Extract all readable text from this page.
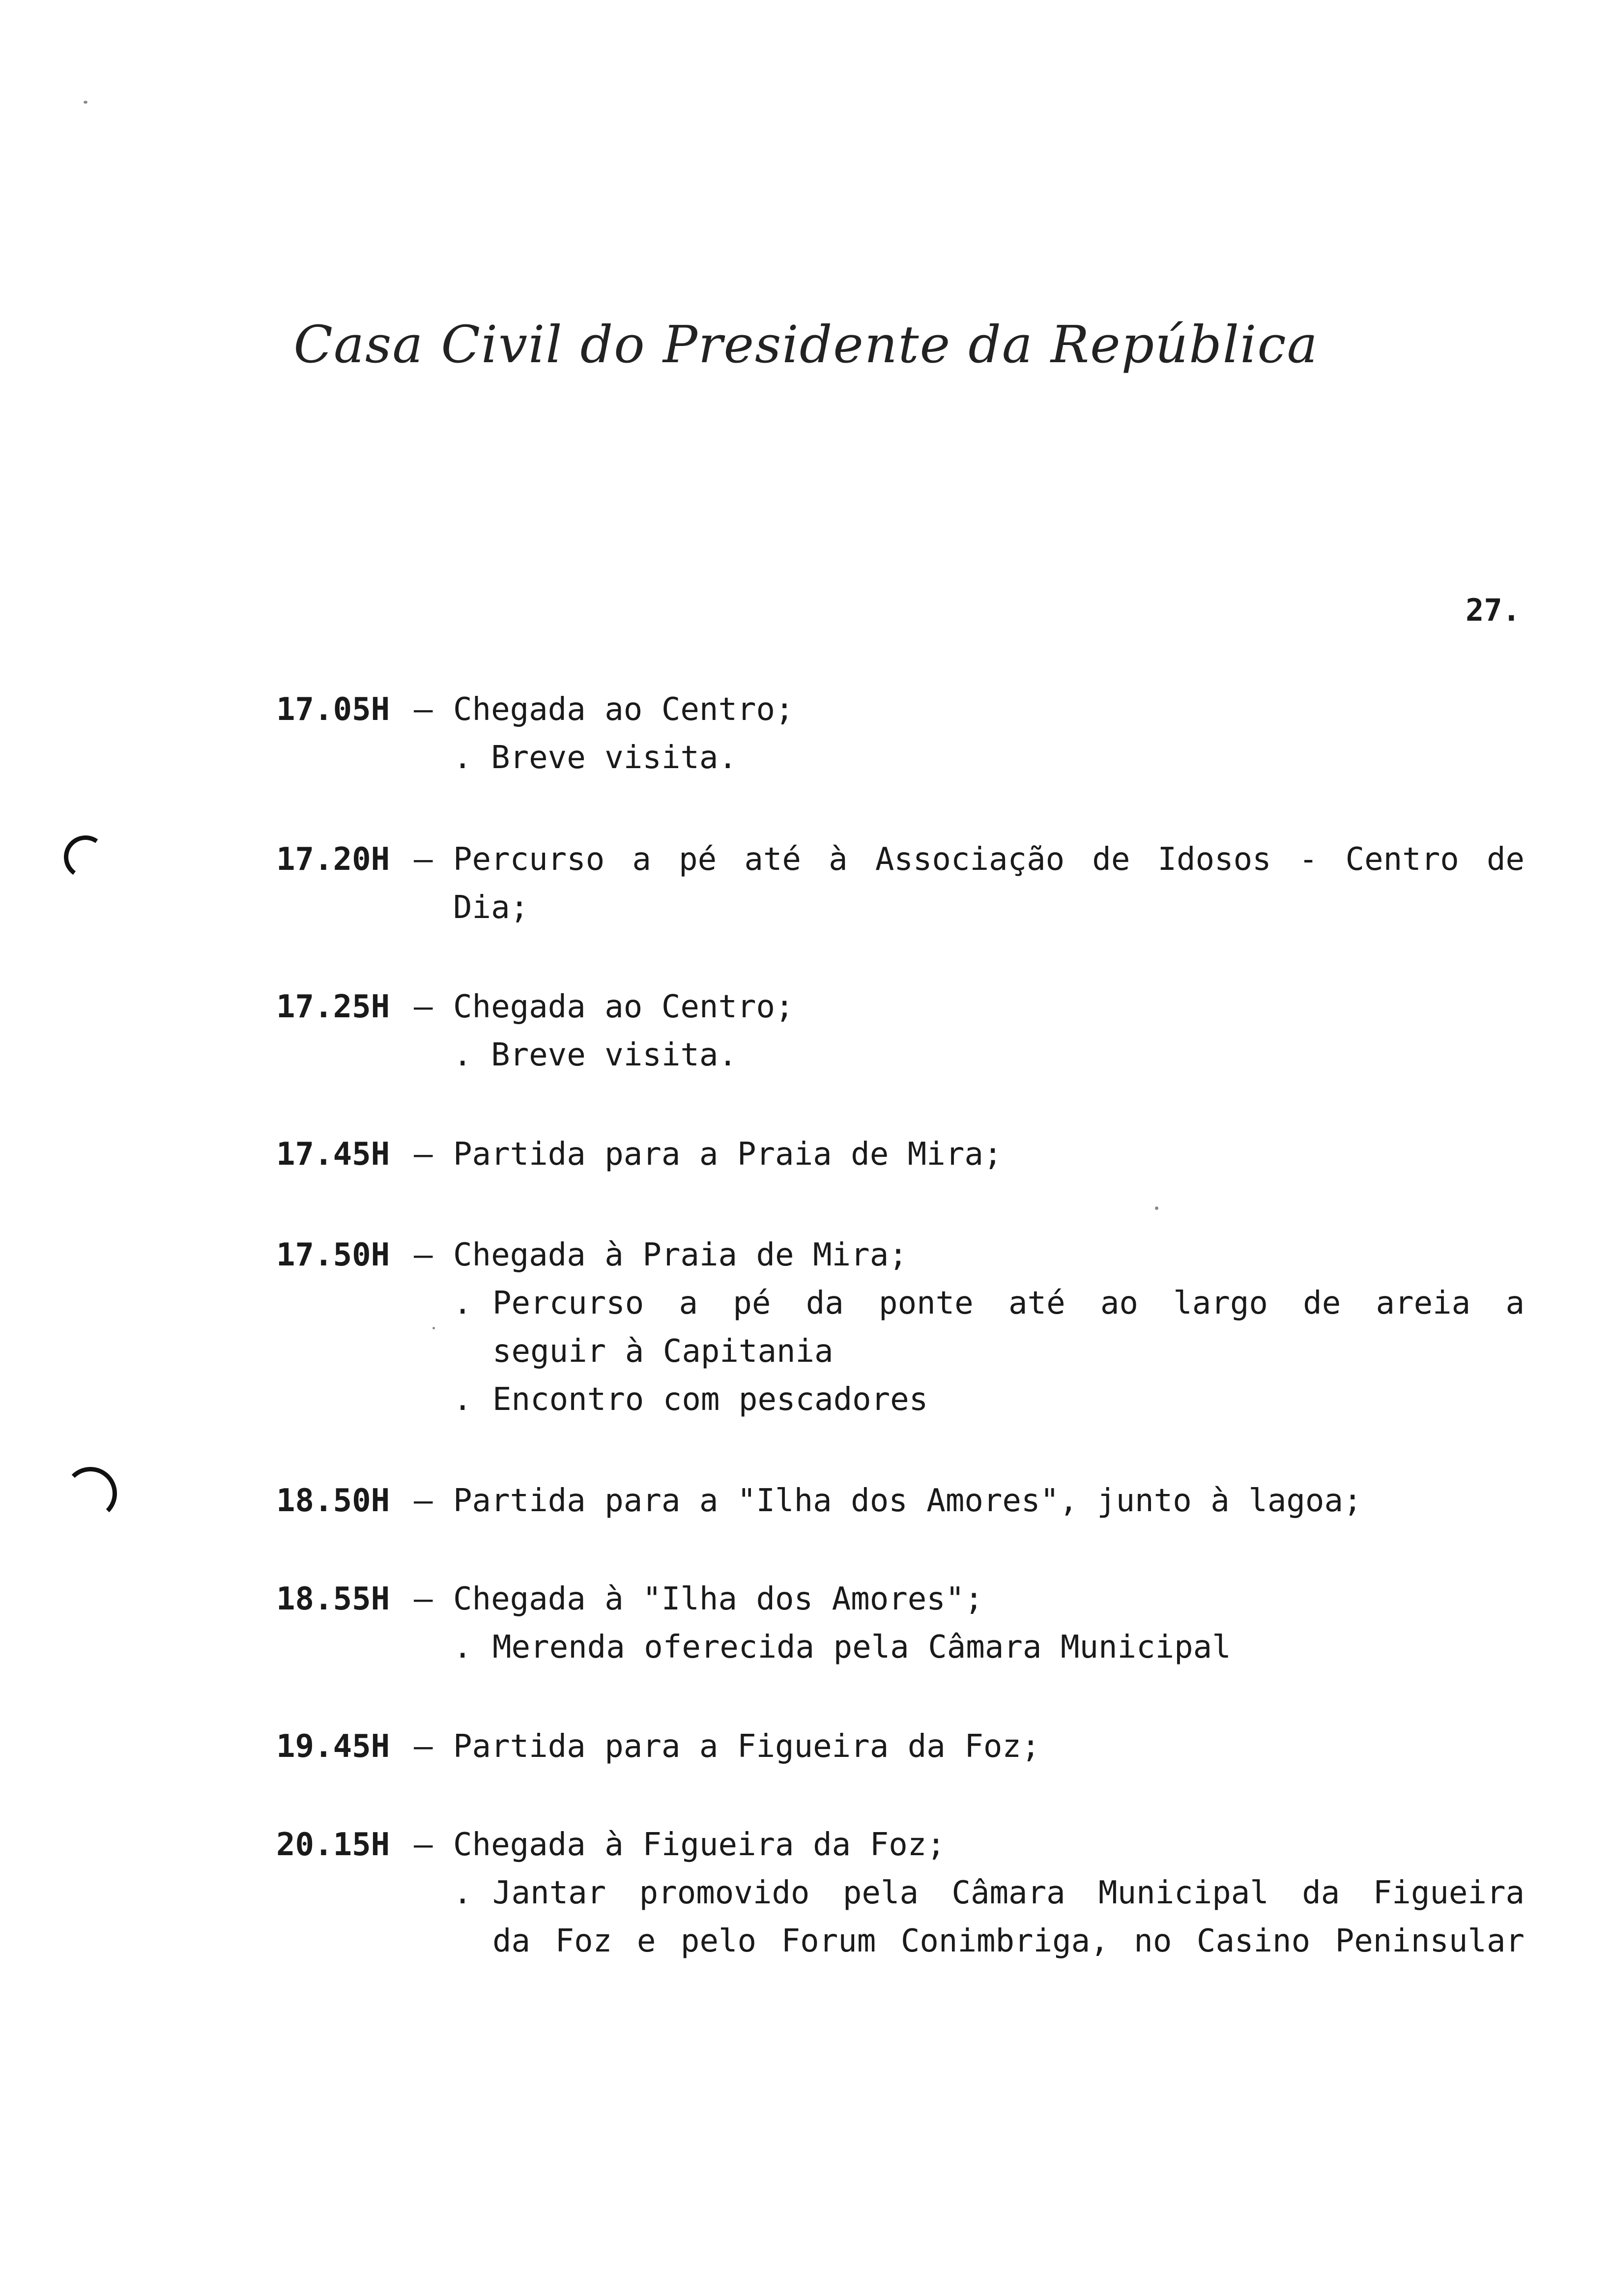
Casa Civil do Presidente da República
27.
17.05H – Chegada ao Centro;
. Breve visita.
17.20H – Percurso a pé até à Associação de Idosos - Centro de
Dia;
17.25H – Chegada ao Centro;
. Breve visita.
17.45H – Partida para a Praia de Mira;
17.50H – Chegada à Praia de Mira;
. Percurso a pé da ponte até ao largo de areia a
seguir à Capitania
. Encontro com pescadores
18.50H – Partida para a "Ilha dos Amores", junto à lagoa;
18.55H – Chegada à "Ilha dos Amores";
. Merenda oferecida pela Câmara Municipal
19.45H – Partida para a Figueira da Foz;
20.15H – Chegada à Figueira da Foz;
. Jantar promovido pela Câmara Municipal da Figueira
da Foz e pelo Forum Conimbriga, no Casino Peninsular
